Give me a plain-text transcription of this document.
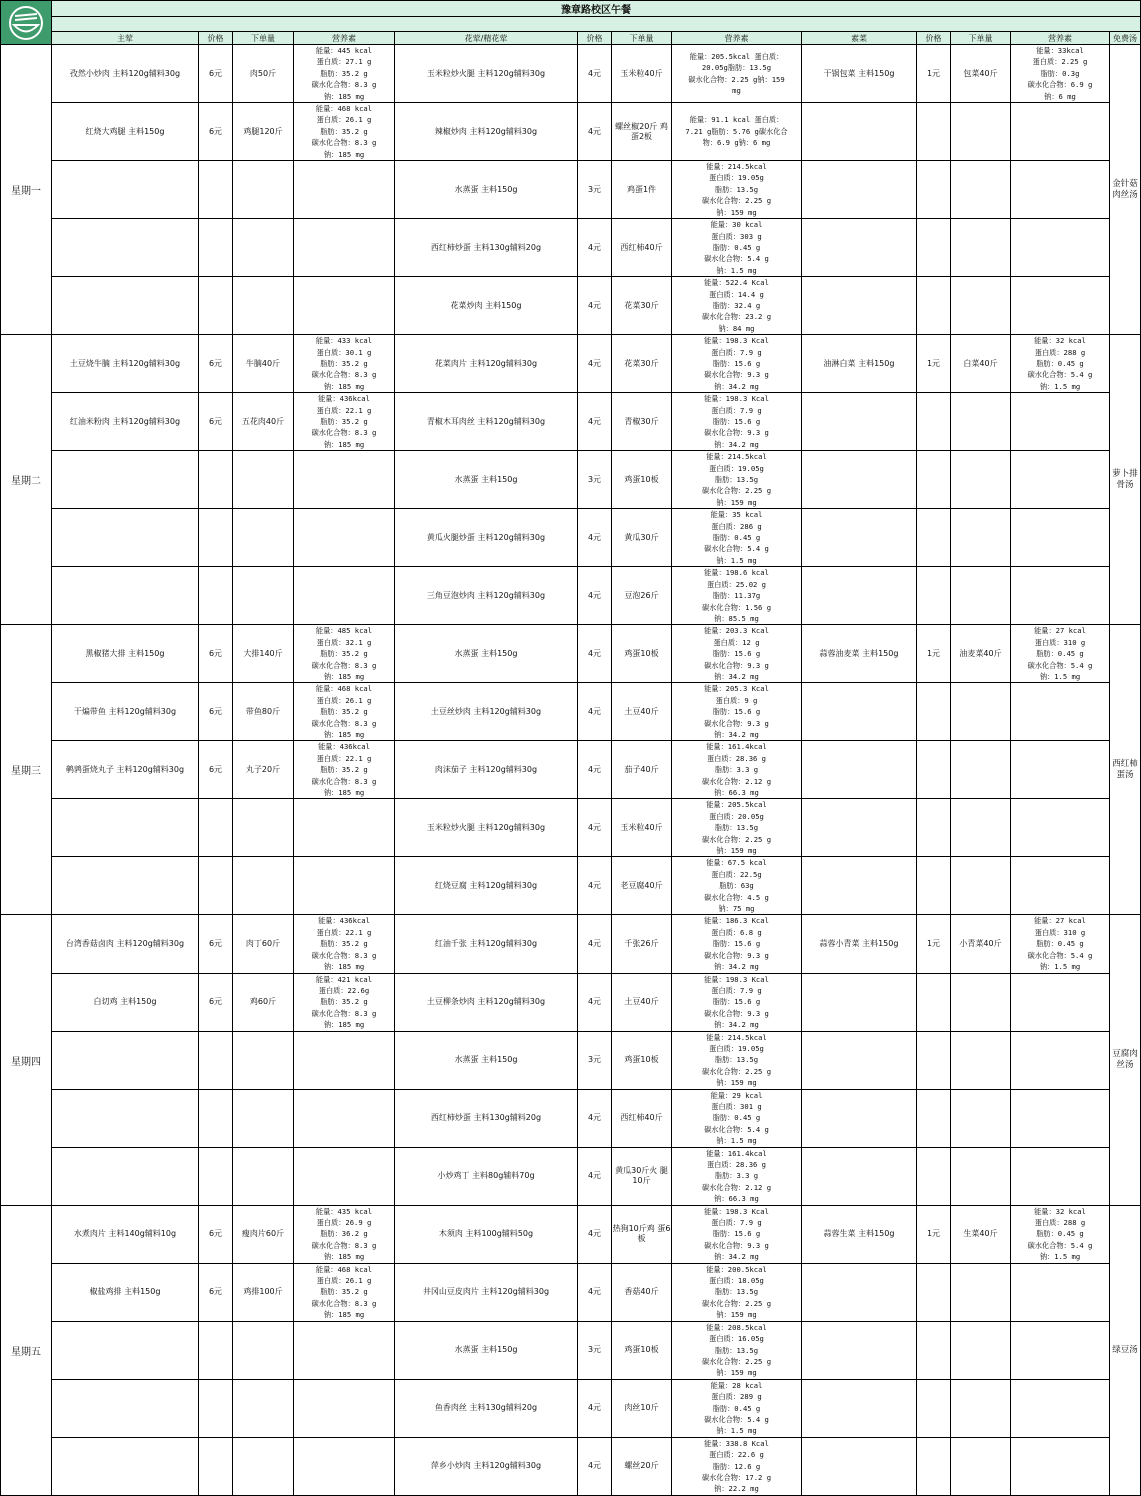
	豫章路校区午餐												

	主荤	价格	下单量	营养素	花荤/精花荤	价格	下单量	营养素	素菜	价格	下单量	营养素	免费汤
星期一	孜然小炒肉 主料120g辅料30g	6元	肉50斤	能量：445 kcal
蛋白质：27.1 g
脂肪：35.2 g
碳水化合物：8.3 g
钠：185 mg	玉米粒炒火腿 主料120g辅料30g	4元	玉米粒40斤	能量：205.5kcal 蛋白质：
20.05g脂肪：13.5g
碳水化合物：2.25 g钠：159
mg	干锅包菜 主料150g	1元	包菜40斤	能量：33kcal
蛋白质：2.25 g
脂肪：0.3g
碳水化合物：6.9 g
钠：6 mg	金针菇肉丝汤
	红烧大鸡腿 主料150g	6元	鸡腿120斤	能量：468 kcal
蛋白质：26.1 g
脂肪：35.2 g
碳水化合物：8.3 g
钠：185 mg	辣椒炒肉 主料120g辅料30g	4元	螺丝椒20斤 鸡蛋2板	能量：91.1 kcal 蛋白质：
7.21 g脂肪：5.76 g碳水化合
物：6.9 g钠：6 mg					
					水蒸蛋 主料150g	3元	鸡蛋1件	能量：214.5kcal
蛋白质：19.05g
脂肪：13.5g
碳水化合物：2.25 g
钠：159 mg					
					西红柿炒蛋 主料130g辅料20g	4元	西红柿40斤	能量：30 kcal
蛋白质：303 g
脂肪：0.45 g
碳水化合物：5.4 g
钠：1.5 mg					
					花菜炒肉 主料150g	4元	花菜30斤	能量：522.4 Kcal
蛋白质：14.4 g
脂肪：32.4 g
碳水化合物：23.2 g
钠：84 mg					
星期二	土豆烧牛腩 主料120g辅料30g	6元	牛腩40斤	能量：433 kcal
蛋白质：30.1 g
脂肪：35.2 g
碳水化合物：8.3 g
钠：185 mg	花菜肉片 主料120g辅料30g	4元	花菜30斤	能量：198.3 Kcal
蛋白质：7.9 g
脂肪：15.6 g
碳水化合物：9.3 g
钠：34.2 mg	油淋白菜 主料150g	1元	白菜40斤	能量：32 kcal
蛋白质：288 g
脂肪：0.45 g
碳水化合物：5.4 g
钠：1.5 mg	萝卜排骨汤
	红油米粉肉 主料120g辅料30g	6元	五花肉40斤	能量：436kcal
蛋白质：22.1 g
脂肪：35.2 g
碳水化合物：8.3 g
钠：185 mg	青椒木耳肉丝 主料120g辅料30g	4元	青椒30斤	能量：198.3 Kcal
蛋白质：7.9 g
脂肪：15.6 g
碳水化合物：9.3 g
钠：34.2 mg					
					水蒸蛋 主料150g	3元	鸡蛋10板	能量：214.5kcal
蛋白质：19.05g
脂肪：13.5g
碳水化合物：2.25 g
钠：159 mg					
					黄瓜火腿炒蛋 主料120g辅料30g	4元	黄瓜30斤	能量：35 kcal
蛋白质：286 g
脂肪：0.45 g
碳水化合物：5.4 g
钠：1.5 mg					
					三角豆泡炒肉 主料120g辅料30g	4元	豆泡26斤	能量：198.6 kcal
蛋白质：25.02 g
脂肪：11.37g
碳水化合物：1.56 g
钠：85.5 mg					
星期三	黑椒猪大排 主料150g	6元	大排140斤	能量：485 kcal
蛋白质：32.1 g
脂肪：35.2 g
碳水化合物：8.3 g
钠：185 mg	水蒸蛋 主料150g	4元	鸡蛋10板	能量：203.3 Kcal
蛋白质：12 g
脂肪：15.6 g
碳水化合物：9.3 g
钠：34.2 mg	蒜蓉油麦菜 主料150g	1元	油麦菜40斤	能量：27 kcal
蛋白质：310 g
脂肪：0.45 g
碳水化合物：5.4 g
钠：1.5 mg	西红柿蛋汤
	干煸带鱼 主料120g辅料30g	6元	带鱼80斤	能量：468 kcal
蛋白质：26.1 g
脂肪：35.2 g
碳水化合物：8.3 g
钠：185 mg	土豆丝炒肉 主料120g辅料30g	4元	土豆40斤	能量：205.3 Kcal
蛋白质：9 g
脂肪：15.6 g
碳水化合物：9.3 g
钠：34.2 mg					
	鹌鹑蛋烧丸子 主料120g辅料30g	6元	丸子20斤	能量：436kcal
蛋白质：22.1 g
脂肪：35.2 g
碳水化合物：8.3 g
钠：185 mg	肉沫茄子 主料120g辅料30g	4元	茄子40斤	能量：161.4kcal
蛋白质：28.36 g
脂肪：3.3 g
碳水化合物：2.12 g
钠：66.3 mg					
					玉米粒炒火腿 主料120g辅料30g	4元	玉米粒40斤	能量：205.5kcal
蛋白质：20.05g
脂肪：13.5g
碳水化合物：2.25 g
钠：159 mg					
					红烧豆腐 主料120g辅料30g	4元	老豆腐40斤	能量：67.5 kcal
蛋白质：22.5g
脂肪：63g
碳水化合物：4.5 g
钠：75 mg					
星期四	台湾香菇卤肉 主料120g辅料30g	6元	肉丁60斤	能量：436kcal
蛋白质：22.1 g
脂肪：35.2 g
碳水化合物：8.3 g
钠：185 mg	红油千张 主料120g辅料30g	4元	千张26斤	能量：186.3 Kcal
蛋白质：6.8 g
脂肪：15.6 g
碳水化合物：9.3 g
钠：34.2 mg	蒜蓉小青菜 主料150g	1元	小青菜40斤	能量：27 kcal
蛋白质：310 g
脂肪：0.45 g
碳水化合物：5.4 g
钠：1.5 mg	豆腐肉丝汤
	白切鸡 主料150g	6元	鸡60斤	能量：421 kcal
蛋白质：22.6g
脂肪：35.2 g
碳水化合物：8.3 g
钠：185 mg	土豆柳条炒肉 主料120g辅料30g	4元	土豆40斤	能量：198.3 Kcal
蛋白质：7.9 g
脂肪：15.6 g
碳水化合物：9.3 g
钠：34.2 mg					
					水蒸蛋 主料150g	3元	鸡蛋10板	能量：214.5kcal
蛋白质：19.05g
脂肪：13.5g
碳水化合物：2.25 g
钠：159 mg					
					西红柿炒蛋 主料130g辅料20g	4元	西红柿40斤	能量：29 kcal
蛋白质：301 g
脂肪：0.45 g
碳水化合物：5.4 g
钠：1.5 mg					
					小炒鸡丁 主料80g辅料70g	4元	黄瓜30斤火 腿10斤	能量：161.4kcal
蛋白质：28.36 g
脂肪：3.3 g
碳水化合物：2.12 g
钠：66.3 mg					
星期五	水煮肉片 主料140g辅料10g	6元	瘦肉片60斤	能量：435 kcal
蛋白质：26.9 g
脂肪：36.2 g
碳水化合物：8.3 g
钠：185 mg	木须肉 主料100g辅料50g	4元	热狗10斤鸡 蛋6板	能量：198.3 Kcal
蛋白质：7.9 g
脂肪：15.6 g
碳水化合物：9.3 g
钠：34.2 mg	蒜蓉生菜 主料150g	1元	生菜40斤	能量：32 kcal
蛋白质：288 g
脂肪：0.45 g
碳水化合物：5.4 g
钠：1.5 mg	绿豆汤
	椒盐鸡排 主料150g	6元	鸡排100斤	能量：468 kcal
蛋白质：26.1 g
脂肪：35.2 g
碳水化合物：8.3 g
钠：185 mg	井冈山豆皮肉片 主料120g辅料30g	4元	香菇40斤	能量：200.5kcal
蛋白质：18.05g
脂肪：13.5g
碳水化合物：2.25 g
钠：159 mg					
					水蒸蛋 主料150g	3元	鸡蛋10板	能量：208.5kcal
蛋白质：16.05g
脂肪：13.5g
碳水化合物：2.25 g
钠：159 mg					
					鱼香肉丝 主料130g辅料20g	4元	肉丝10斤	能量：28 kcal
蛋白质：289 g
脂肪：0.45 g
碳水化合物：5.4 g
钠：1.5 mg					
					萍乡小炒肉 主料120g辅料30g	4元	螺丝20斤	能量：338.8 Kcal
蛋白质：22.6 g
脂肪：12.6 g
碳水化合物：17.2 g
钠：22.2 mg					
